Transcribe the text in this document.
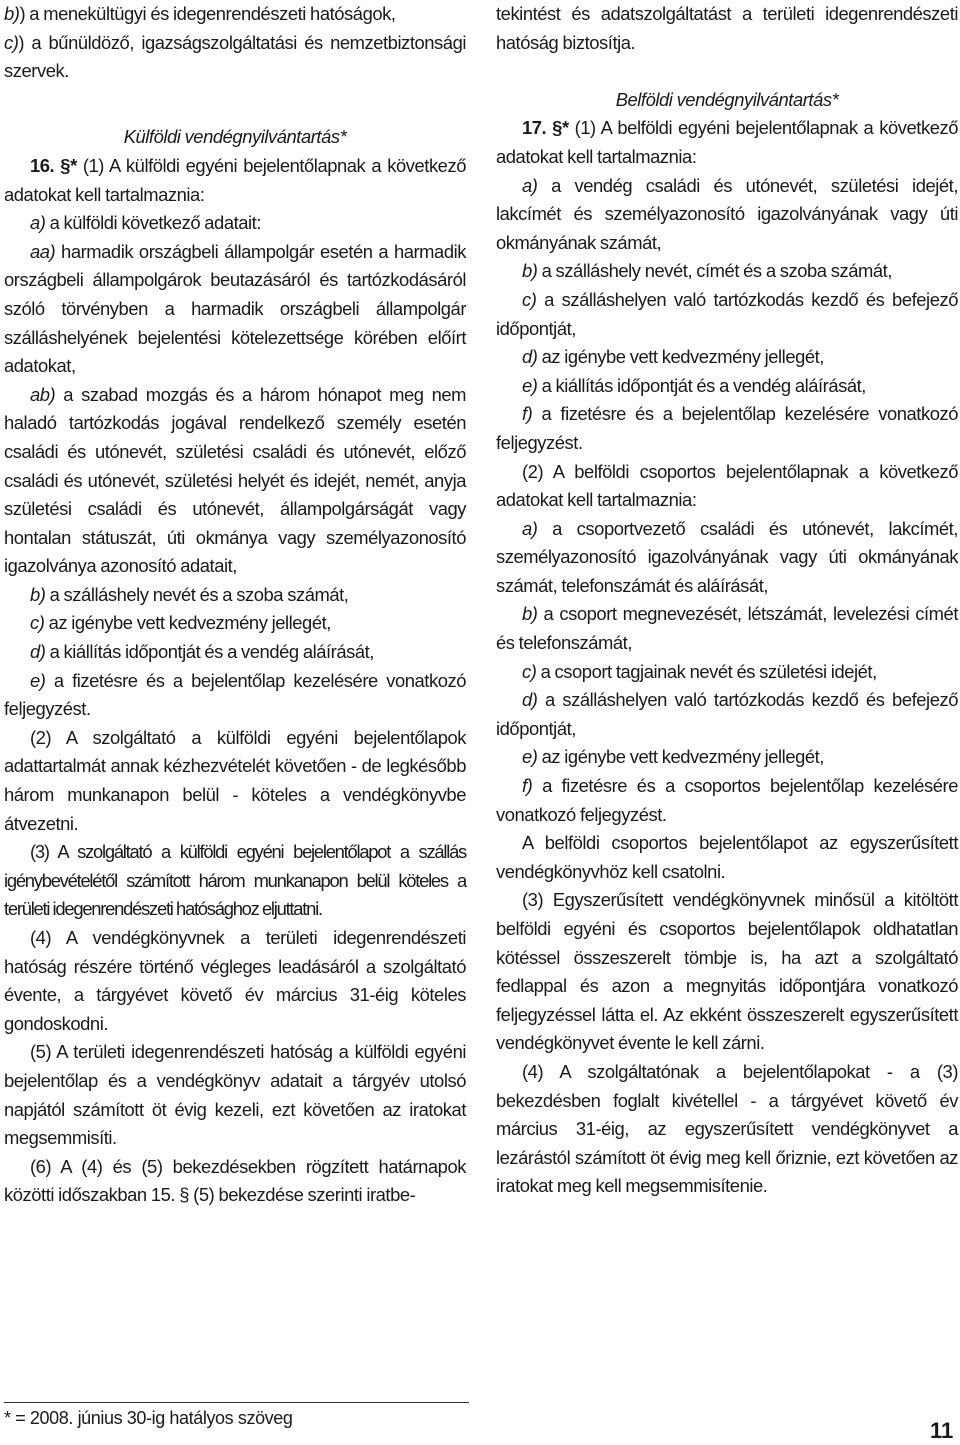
b)) a menekültügyi és idegenrendészeti hatóságok,

c)) a bűnüldöző, igazságszolgáltatási és nemzetbiztonsági szervek.

Külföldi vendégnyilvántartás*

16. §* (1) A külföldi egyéni bejelentőlapnak a következő adatokat kell tartalmaznia:

a) a külföldi következő adatait:

aa) harmadik országbeli állampolgár esetén a harmadik országbeli állampolgárok beutazásáról és tartózkodásáról szóló törvényben a harmadik országbeli állampolgár szálláshelyének bejelentési kötelezettsége körében előírt adatokat,

ab) a szabad mozgás és a három hónapot meg nem haladó tartózkodás jogával rendelkező személy esetén családi és utónevét, születési családi és utónevét, előző családi és utónevét, születési helyét és idejét, nemét, anyja születési családi és utónevét, állampolgárságát vagy hontalan státuszát, úti okmánya vagy személyazonosító igazolványa azonosító adatait,

b) a szálláshely nevét és a szoba számát,

c) az igénybe vett kedvezmény jellegét,

d) a kiállítás időpontját és a vendég aláírását,

e) a fizetésre és a bejelentőlap kezelésére vonatkozó feljegyzést.

(2) A szolgáltató a külföldi egyéni bejelentőlapok adattartalmát annak kézhezvételét követően - de legkésőbb három munkanapon belül - köteles a vendégkönyvbe átvezetni.

(3) A szolgáltató a külföldi egyéni bejelentőlapot a szállás igénybevételétől számított három munkanapon belül köteles a területi idegenrendészeti hatósághoz eljuttatni.

(4) A vendégkönyvnek a területi idegenrendészeti hatóság részére történő végleges leadásáról a szolgáltató évente, a tárgyévet követő év március 31-éig köteles gondoskodni.

(5) A területi idegenrendészeti hatóság a külföldi egyéni bejelentőlap és a vendégkönyv adatait a tárgyév utolsó napjától számított öt évig kezeli, ezt követően az iratokat megsemmisíti.

(6) A (4) és (5) bekezdésekben rögzített határnapok közötti időszakban 15. § (5) bekezdése szerinti iratbe-

* = 2008. június 30-ig hatályos szöveg

tekintést és adatszolgáltatást a területi idegenrendészeti hatóság biztosítja.

Belföldi vendégnyilvántartás*

17. §* (1) A belföldi egyéni bejelentőlapnak a következő adatokat kell tartalmaznia:

a) a vendég családi és utónevét, születési idejét, lakcímét és személyazonosító igazolványának vagy úti okmányának számát,

b) a szálláshely nevét, címét és a szoba számát,

c) a szálláshelyen való tartózkodás kezdő és befejező időpontját,

d) az igénybe vett kedvezmény jellegét,

e) a kiállítás időpontját és a vendég aláírását,

f) a fizetésre és a bejelentőlap kezelésére vonatkozó feljegyzést.

(2) A belföldi csoportos bejelentőlapnak a következő adatokat kell tartalmaznia:

a) a csoportvezető családi és utónevét, lakcímét, személyazonosító igazolványának vagy úti okmányának számát, telefonszámát és aláírását,

b) a csoport megnevezését, létszámát, levelezési címét és telefonszámát,

c) a csoport tagjainak nevét és születési idejét,

d) a szálláshelyen való tartózkodás kezdő és befejező időpontját,

e) az igénybe vett kedvezmény jellegét,

f) a fizetésre és a csoportos bejelentőlap kezelésére vonatkozó feljegyzést.

A belföldi csoportos bejelentőlapot az egyszerűsített vendégkönyvhöz kell csatolni.

(3) Egyszerűsített vendégkönyvnek minősül a kitöltött belföldi egyéni és csoportos bejelentőlapok oldhatatlan kötéssel összeszerelt tömbje is, ha azt a szolgáltató fedlappal és azon a megnyitás időpontjára vonatkozó feljegyzéssel látta el. Az ekként összeszerelt egyszerűsített vendégkönyvet évente le kell zárni.

(4) A szolgáltatónak a bejelentőlapokat - a (3) bekezdésben foglalt kivétellel - a tárgyévet követő év március 31-éig, az egyszerűsített vendégkönyvet a lezárástól számított öt évig meg kell őriznie, ezt követően az iratokat meg kell megsemmisítenie.

11
